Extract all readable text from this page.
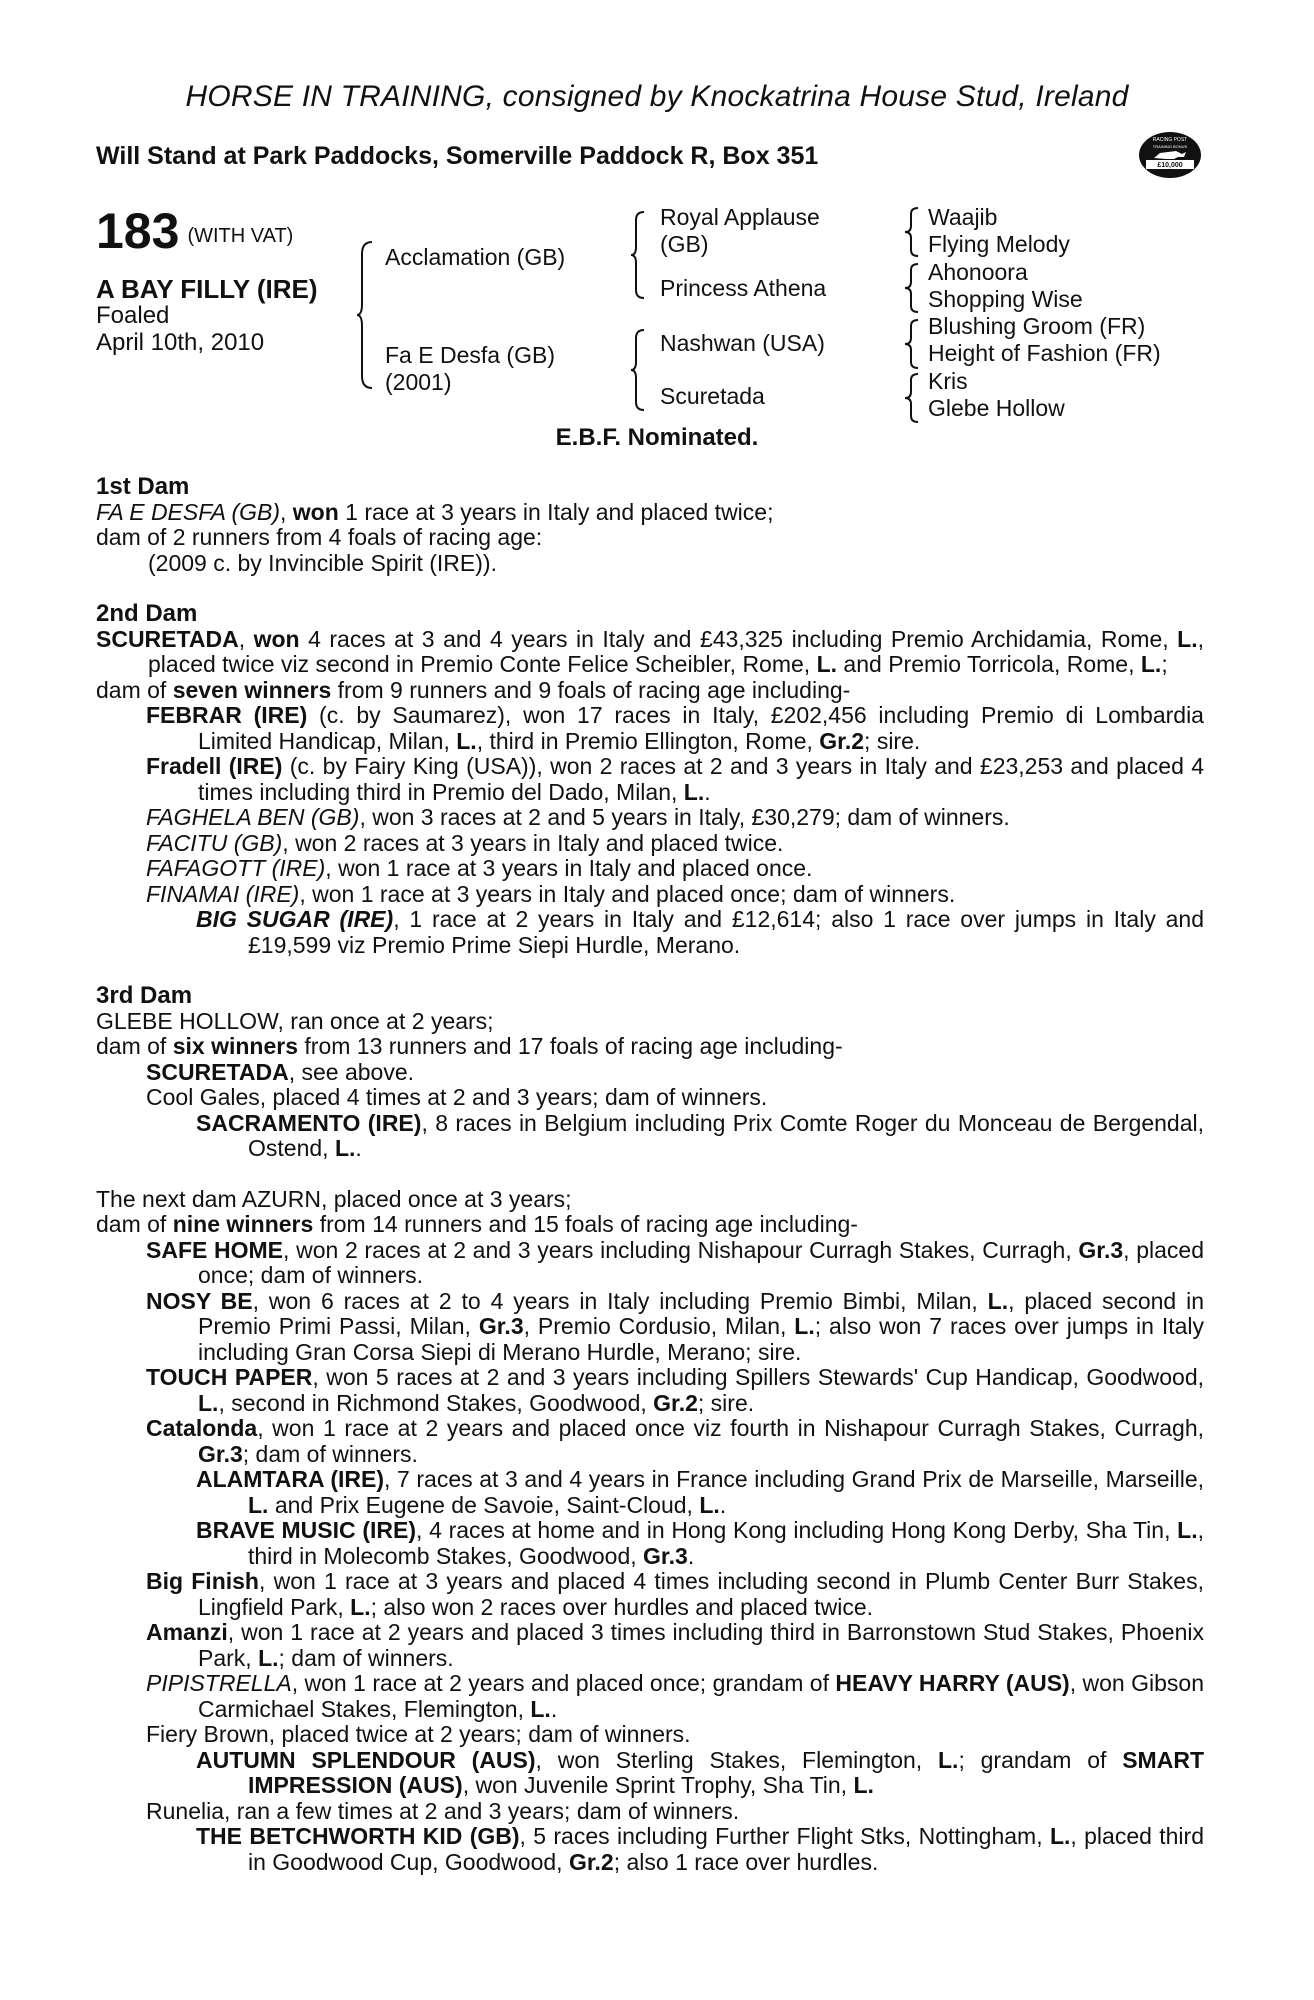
HORSE IN TRAINING, consigned by Knockatrina House Stud, Ireland
Will Stand at Park Paddocks, Somerville Paddock R, Box 351
RACING POST
TRAINING BONUS
£10,000
183 (WITH VAT)
A BAY FILLY (IRE)
Foaled
April 10th, 2010
Acclamation (GB)
Fa E Desfa (GB)
(2001)
Royal Applause
(GB)
Princess Athena
Nashwan (USA)
Scuretada
Waajib
Flying Melody
Ahonoora
Shopping Wise
Blushing Groom (FR)
Height of Fashion (FR)
Kris
Glebe Hollow
E.B.F. Nominated.

1st Dam

FA E DESFA (GB), won 1 race at 3 years in Italy and placed twice;

dam of 2 runners from 4 foals of racing age:

(2009 c. by Invincible Spirit (IRE)).

2nd Dam

SCURETADA, won 4 races at 3 and 4 years in Italy and £43,325 including Premio Archidamia, Rome, L., placed twice viz second in Premio Conte Felice Scheibler, Rome, L. and Premio Torricola, Rome, L.;

dam of seven winners from 9 runners and 9 foals of racing age including-

FEBRAR (IRE) (c. by Saumarez), won 17 races in Italy, £202,456 including Premio di Lombardia Limited Handicap, Milan, L., third in Premio Ellington, Rome, Gr.2; sire.

Fradell (IRE) (c. by Fairy King (USA)), won 2 races at 2 and 3 years in Italy and £23,253 and placed 4 times including third in Premio del Dado, Milan, L..

FAGHELA BEN (GB), won 3 races at 2 and 5 years in Italy, £30,279; dam of winners.

FACITU (GB), won 2 races at 3 years in Italy and placed twice.

FAFAGOTT (IRE), won 1 race at 3 years in Italy and placed once.

FINAMAI (IRE), won 1 race at 3 years in Italy and placed once; dam of winners.

BIG SUGAR (IRE), 1 race at 2 years in Italy and £12,614; also 1 race over jumps in Italy and £19,599 viz Premio Prime Siepi Hurdle, Merano.

3rd Dam

GLEBE HOLLOW, ran once at 2 years;

dam of six winners from 13 runners and 17 foals of racing age including-

SCURETADA, see above.

Cool Gales, placed 4 times at 2 and 3 years; dam of winners.

SACRAMENTO (IRE), 8 races in Belgium including Prix Comte Roger du Monceau de Bergendal, Ostend, L..

The next dam AZURN, placed once at 3 years;

dam of nine winners from 14 runners and 15 foals of racing age including-

SAFE HOME, won 2 races at 2 and 3 years including Nishapour Curragh Stakes, Curragh, Gr.3, placed once; dam of winners.

NOSY BE, won 6 races at 2 to 4 years in Italy including Premio Bimbi, Milan, L., placed second in Premio Primi Passi, Milan, Gr.3, Premio Cordusio, Milan, L.; also won 7 races over jumps in Italy including Gran Corsa Siepi di Merano Hurdle, Merano; sire.

TOUCH PAPER, won 5 races at 2 and 3 years including Spillers Stewards' Cup Handicap, Goodwood, L., second in Richmond Stakes, Goodwood, Gr.2; sire.

Catalonda, won 1 race at 2 years and placed once viz fourth in Nishapour Curragh Stakes, Curragh, Gr.3; dam of winners.

ALAMTARA (IRE), 7 races at 3 and 4 years in France including Grand Prix de Marseille, Marseille, L. and Prix Eugene de Savoie, Saint-Cloud, L..

BRAVE MUSIC (IRE), 4 races at home and in Hong Kong including Hong Kong Derby, Sha Tin, L., third in Molecomb Stakes, Goodwood, Gr.3.

Big Finish, won 1 race at 3 years and placed 4 times including second in Plumb Center Burr Stakes, Lingfield Park, L.; also won 2 races over hurdles and placed twice.

Amanzi, won 1 race at 2 years and placed 3 times including third in Barronstown Stud Stakes, Phoenix Park, L.; dam of winners.

PIPISTRELLA, won 1 race at 2 years and placed once; grandam of HEAVY HARRY (AUS), won Gibson Carmichael Stakes, Flemington, L..

Fiery Brown, placed twice at 2 years; dam of winners.

AUTUMN SPLENDOUR (AUS), won Sterling Stakes, Flemington, L.; grandam of SMART IMPRESSION (AUS), won Juvenile Sprint Trophy, Sha Tin, L.

Runelia, ran a few times at 2 and 3 years; dam of winners.

THE BETCHWORTH KID (GB), 5 races including Further Flight Stks, Nottingham, L., placed third in Goodwood Cup, Goodwood, Gr.2; also 1 race over hurdles.
